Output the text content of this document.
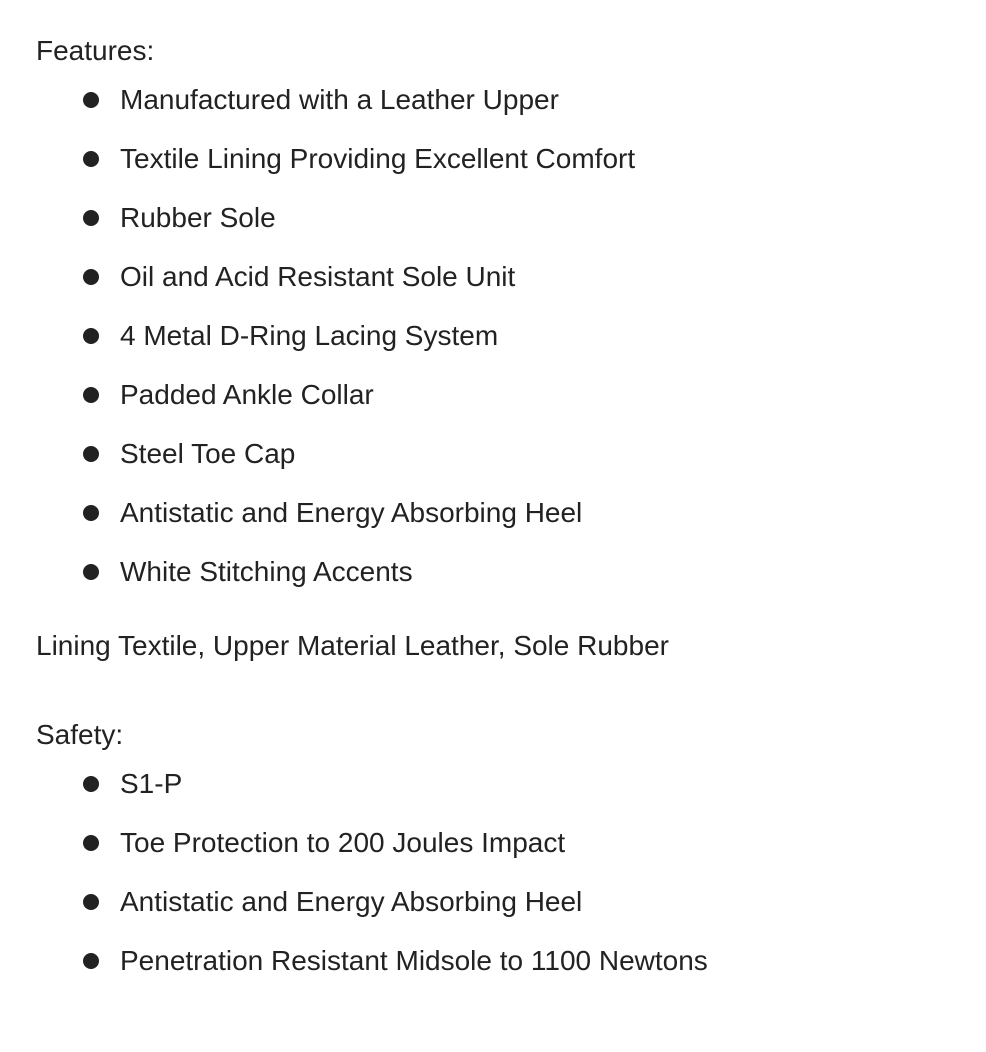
Features:

Manufactured with a Leather Upper
Textile Lining Providing Excellent Comfort
Rubber Sole
Oil and Acid Resistant Sole Unit
4 Metal D-Ring Lacing System
Padded Ankle Collar
Steel Toe Cap
Antistatic and Energy Absorbing Heel
White Stitching Accents

Lining Textile, Upper Material Leather, Sole Rubber

Safety:

S1-P
Toe Protection to 200 Joules Impact
Antistatic and Energy Absorbing Heel
Penetration Resistant Midsole to 1100 Newtons
